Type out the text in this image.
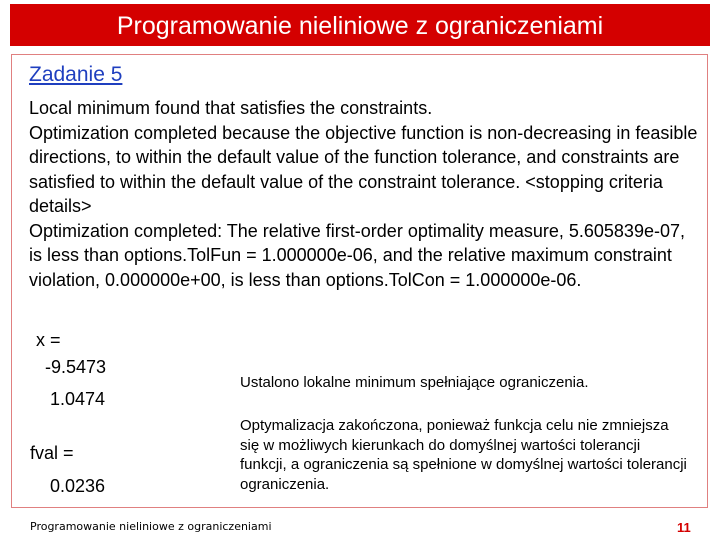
Programowanie nieliniowe z ograniczeniami
Zadanie 5

Local minimum found that satisfies the constraints.

Optimization completed because the objective function is non-decreasing in feasible directions, to within the default value of the function tolerance, and constraints are satisfied to within the default value of the constraint tolerance. <stopping criteria details>

Optimization completed: The relative first-order optimality measure, 5.605839e-07, is less than options.TolFun = 1.000000e-06, and the relative maximum constraint violation, 0.000000e+00, is less than options.TolCon = 1.000000e-06.

x =
-9.5473
1.0474
fval =
0.0236
Ustalono lokalne minimum spełniające ograniczenia.
Optymalizacja zakończona, ponieważ funkcja celu nie zmniejsza się w możliwych kierunkach do domyślnej wartości tolerancji funkcji, a ograniczenia są spełnione w domyślnej wartości tolerancji ograniczenia.
Programowanie nieliniowe z ograniczeniami	11
